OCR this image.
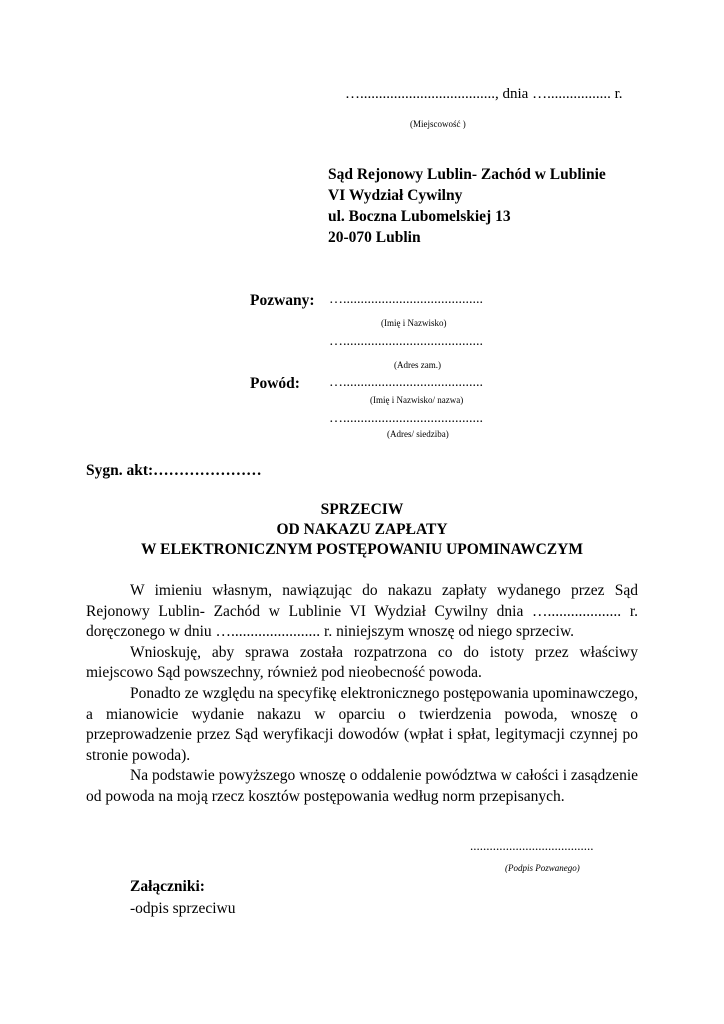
…...................................., dnia …................. r.
(Miejscowość )
Sąd Rejonowy Lublin- Zachód w Lublinie
VI Wydział Cywilny
ul. Boczna Lubomelskiej 13
20-070 Lublin
Pozwany: …........................................
(Imię i Nazwisko)
…........................................
(Adres zam.)
Powód: …........................................
(Imię i Nazwisko/ nazwa)
…........................................
(Adres/ siedziba)
Sygn. akt:…………………
SPRZECIW
OD NAKAZU ZAPŁATY
W ELEKTRONICZNYM POSTĘPOWANIU UPOMINAWCZYM

W imieniu własnym, nawiązując do nakazu zapłaty wydanego przez Sąd Rejonowy Lublin- Zachód w Lublinie VI Wydział Cywilny dnia …................... r. doręczonego w dniu …....................... r. niniejszym wnoszę od niego sprzeciw.

Wnioskuję, aby sprawa została rozpatrzona co do istoty przez właściwy miejscowo Sąd powszechny, również pod nieobecność powoda.

Ponadto ze względu na specyfikę elektronicznego postępowania upominawczego, a mianowicie wydanie nakazu w oparciu o twierdzenia powoda, wnoszę o przeprowadzenie przez Sąd weryfikacji dowodów (wpłat i spłat, legitymacji czynnej po stronie powoda).

Na podstawie powyższego wnoszę o oddalenie powództwa w całości i zasądzenie od powoda na moją rzecz kosztów postępowania według norm przepisanych.

......................................
(Podpis Pozwanego)
Załączniki:
-odpis sprzeciwu
